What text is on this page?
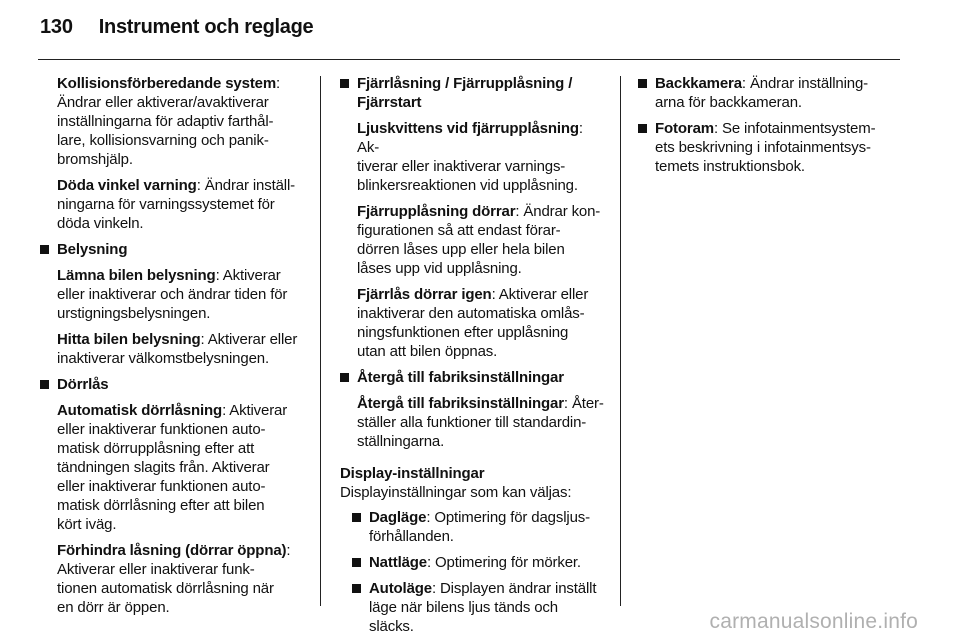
130 Instrument och reglage
Kollisionsförberedande system:
Ändrar eller aktiverar/avaktiverar
inställningarna för adaptiv farthål-
lare, kollisionsvarning och panik-
bromshjälp.
Döda vinkel varning: Ändrar inställ-
ningarna för varningssystemet för
döda vinkeln.
Belysning
Lämna bilen belysning: Aktiverar
eller inaktiverar och ändrar tiden för
urstigningsbelysningen.
Hitta bilen belysning: Aktiverar eller
inaktiverar välkomstbelysningen.
Dörrlås
Automatisk dörrlåsning: Aktiverar
eller inaktiverar funktionen auto-
matisk dörrupplåsning efter att
tändningen slagits från. Aktiverar
eller inaktiverar funktionen auto-
matisk dörrlåsning efter att bilen
kört iväg.
Förhindra låsning (dörrar öppna):
Aktiverar eller inaktiverar funk-
tionen automatisk dörrlåsning när
en dörr är öppen.
Fjärrlåsning / Fjärrupplåsning /
Fjärrstart
Ljuskvittens vid fjärrupplåsning: Ak-
tiverar eller inaktiverar varnings-
blinkersreaktionen vid upplåsning.
Fjärrupplåsning dörrar: Ändrar kon-
figurationen så att endast förar-
dörren låses upp eller hela bilen
låses upp vid upplåsning.
Fjärrlås dörrar igen: Aktiverar eller
inaktiverar den automatiska omlås-
ningsfunktionen efter upplåsning
utan att bilen öppnas.
Återgå till fabriksinställningar
Återgå till fabriksinställningar: Åter-
ställer alla funktioner till standardin-
ställningarna.
Display-inställningar
Displayinställningar som kan väljas:
Dagläge: Optimering för dagsljus-
förhållanden.
Nattläge: Optimering för mörker.
Autoläge: Displayen ändrar inställt
läge när bilens ljus tänds och
släcks.
Backkamera: Ändrar inställning-
arna för backkameran.
Fotoram: Se infotainmentsystem-
ets beskrivning i infotainmentsys-
temets instruktionsbok.
carmanualsonline.info
